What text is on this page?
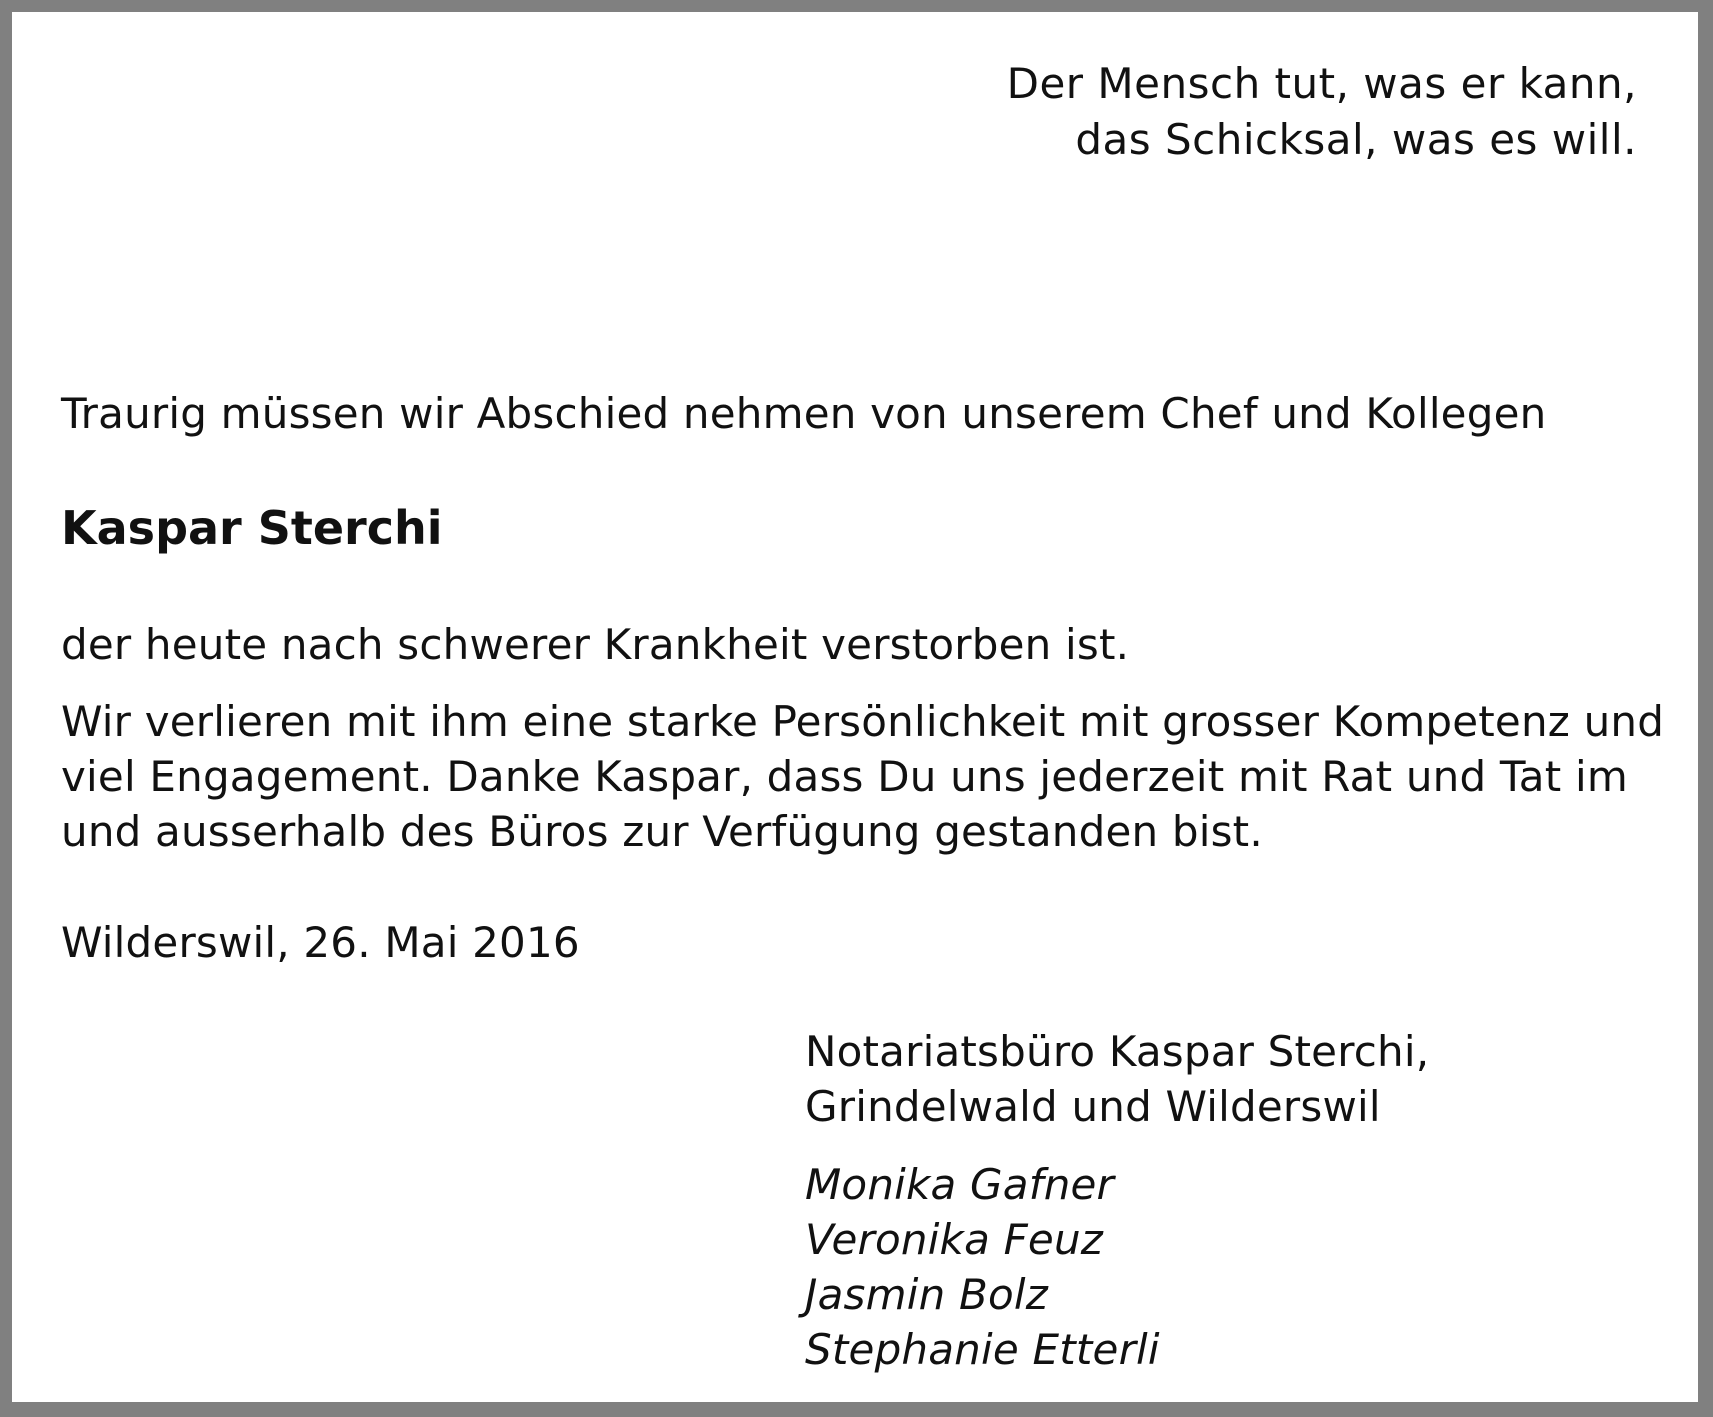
Der Mensch tut, was er kann,
das Schicksal, was es will.
Traurig müssen wir Abschied nehmen von unserem Chef und Kollegen
Kaspar Sterchi
der heute nach schwerer Krankheit verstorben ist.
Wir verlieren mit ihm eine starke Persönlichkeit mit grosser Kompetenz und
viel Engagement. Danke Kaspar, dass Du uns jederzeit mit Rat und Tat im
und ausserhalb des Büros zur Verfügung gestanden bist.
Wilderswil, 26. Mai 2016
Notariatsbüro Kaspar Sterchi,
Grindelwald und Wilderswil
Monika Gafner
Veronika Feuz
Jasmin Bolz
Stephanie Etterli
